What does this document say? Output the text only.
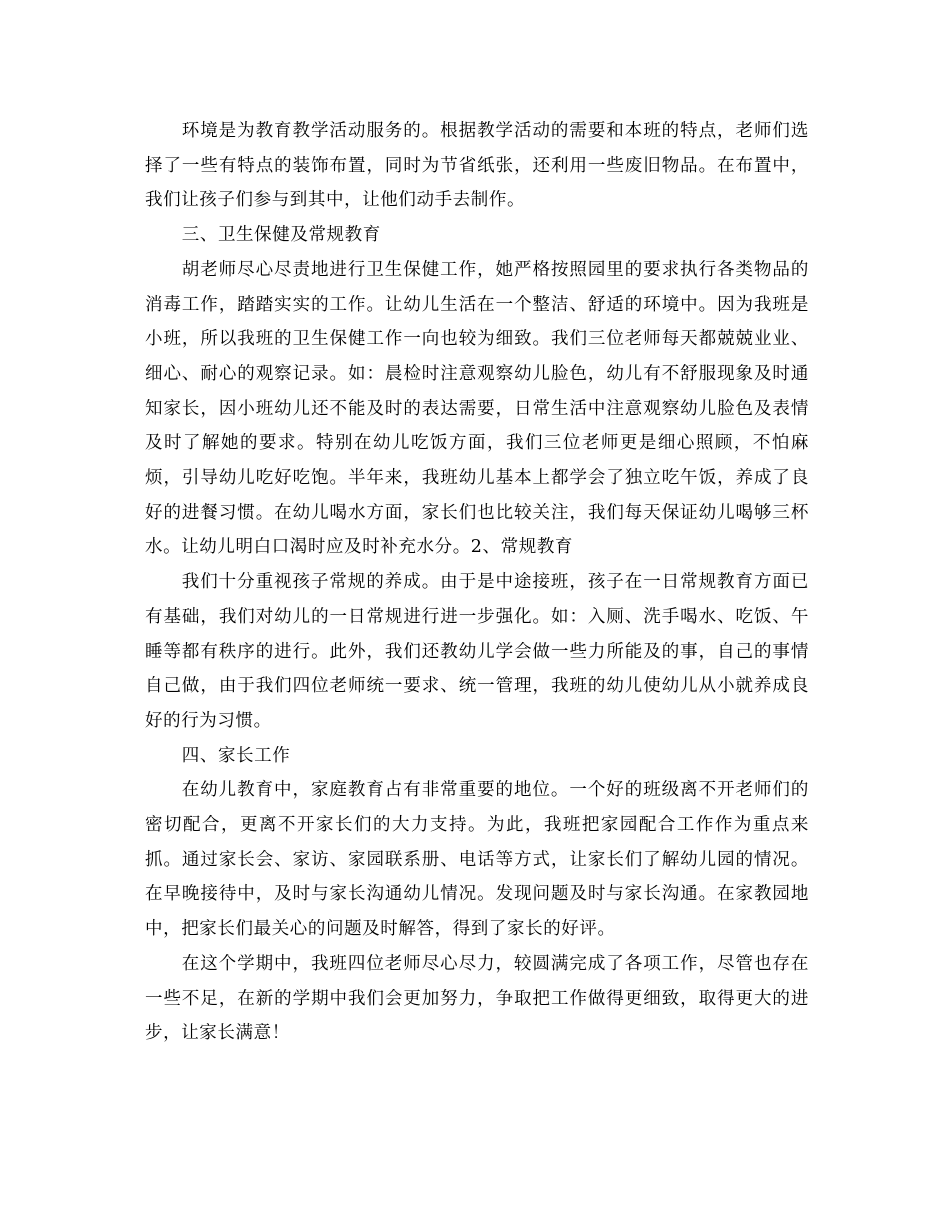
环境是为教育教学活动服务的。根据教学活动的需要和本班的特点，老师们选择了一些有特点的装饰布置，同时为节省纸张，还利用一些废旧物品。在布置中，我们让孩子们参与到其中，让他们动手去制作。

三、卫生保健及常规教育

胡老师尽心尽责地进行卫生保健工作，她严格按照园里的要求执行各类物品的消毒工作，踏踏实实的工作。让幼儿生活在一个整洁、舒适的环境中。因为我班是小班，所以我班的卫生保健工作一向也较为细致。我们三位老师每天都兢兢业业、细心、耐心的观察记录。如：晨检时注意观察幼儿脸色，幼儿有不舒服现象及时通知家长，因小班幼儿还不能及时的表达需要，日常生活中注意观察幼儿脸色及表情及时了解她的要求。特别在幼儿吃饭方面，我们三位老师更是细心照顾，不怕麻烦，引导幼儿吃好吃饱。半年来，我班幼儿基本上都学会了独立吃午饭，养成了良好的进餐习惯。在幼儿喝水方面，家长们也比较关注，我们每天保证幼儿喝够三杯水。让幼儿明白口渴时应及时补充水分。2、常规教育

我们十分重视孩子常规的养成。由于是中途接班，孩子在一日常规教育方面已有基础，我们对幼儿的一日常规进行进一步强化。如：入厕、洗手喝水、吃饭、午睡等都有秩序的进行。此外，我们还教幼儿学会做一些力所能及的事，自己的事情自己做，由于我们四位老师统一要求、统一管理，我班的幼儿使幼儿从小就养成良好的行为习惯。

四、家长工作

在幼儿教育中，家庭教育占有非常重要的地位。一个好的班级离不开老师们的密切配合，更离不开家长们的大力支持。为此，我班把家园配合工作作为重点来抓。通过家长会、家访、家园联系册、电话等方式，让家长们了解幼儿园的情况。在早晚接待中，及时与家长沟通幼儿情况。发现问题及时与家长沟通。在家教园地中，把家长们最关心的问题及时解答，得到了家长的好评。

在这个学期中，我班四位老师尽心尽力，较圆满完成了各项工作，尽管也存在一些不足，在新的学期中我们会更加努力，争取把工作做得更细致，取得更大的进步，让家长满意！
